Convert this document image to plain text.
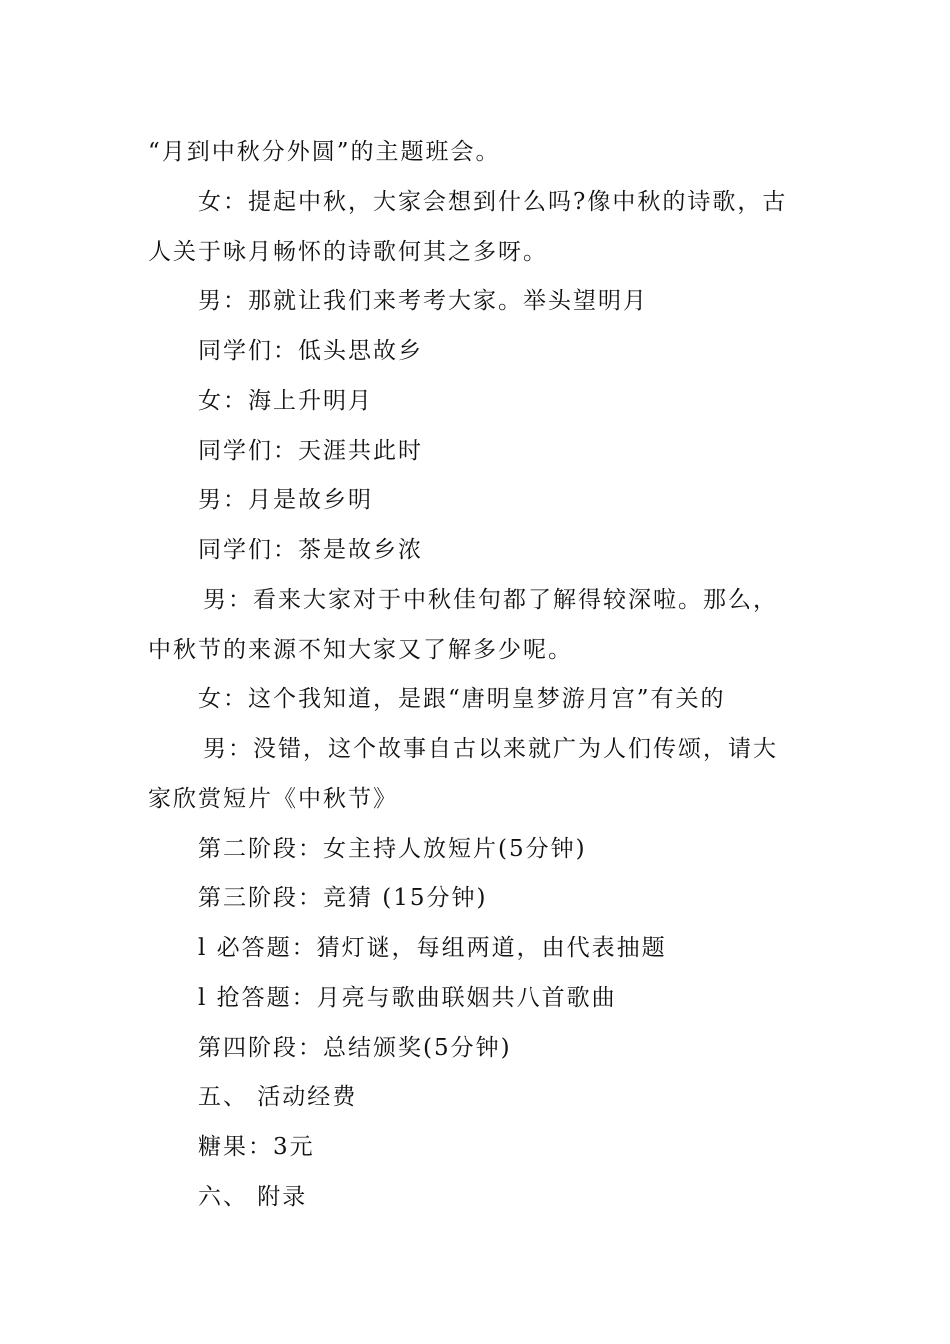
“月到中秋分外圆”的主题班会。
女：提起中秋，大家会想到什么吗?像中秋的诗歌，古
人关于咏月畅怀的诗歌何其之多呀。
男：那就让我们来考考大家。举头望明月
同学们：低头思故乡
女：海上升明月
同学们：天涯共此时
男：月是故乡明
同学们：茶是故乡浓
男：看来大家对于中秋佳句都了解得较深啦。那么，
中秋节的来源不知大家又了解多少呢。
女：这个我知道，是跟“唐明皇梦游月宫”有关的
男：没错，这个故事自古以来就广为人们传颂，请大
家欣赏短片《中秋节》
第二阶段：女主持人放短片(5分钟)
第三阶段：竞猜 (15分钟)
l 必答题：猜灯谜，每组两道，由代表抽题
l 抢答题：月亮与歌曲联姻共八首歌曲
第四阶段：总结颁奖(5分钟)
五、 活动经费
糖果：3元
六、 附录
